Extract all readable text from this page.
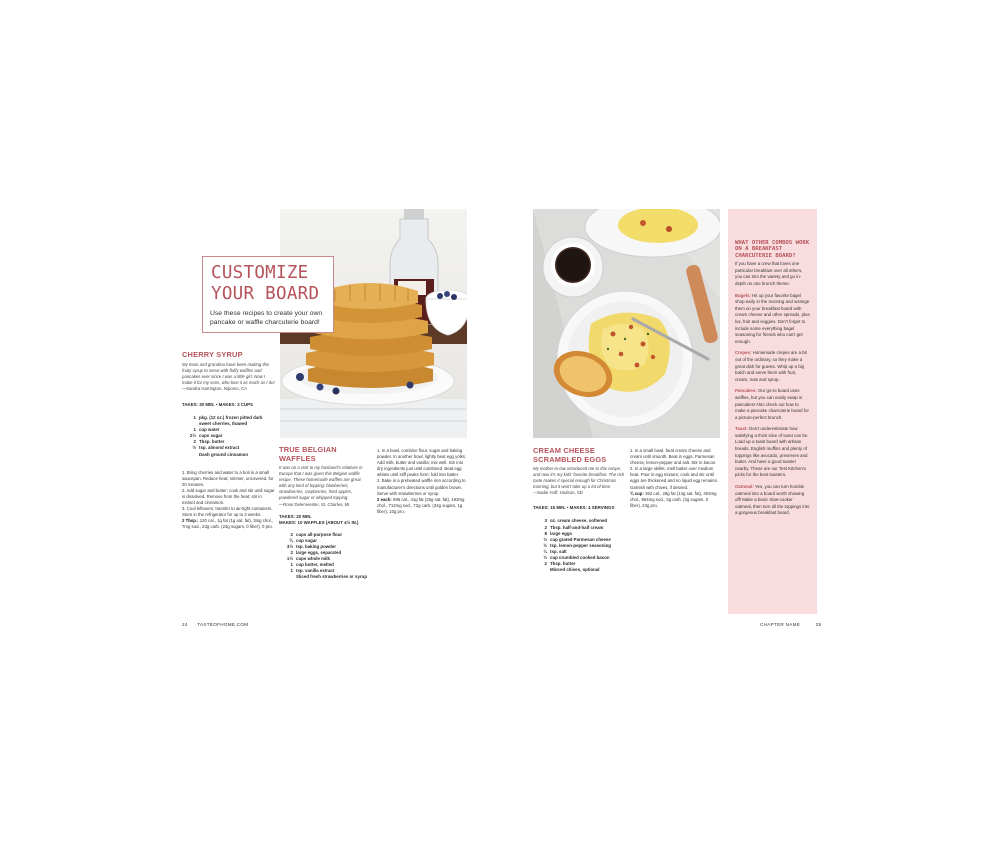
CUSTOMIZE
YOUR BOARD
Use these recipes to create your own pancake or waffle charcuterie board!
CHERRY SYRUP
My mom and grandma have been making this fruity syrup to serve with fluffy waffles and pancakes ever since I was a little girl. Now I make it for my sons, who love it as much as I do!
—Sandra Harrington, Nipomo, CA
TAKES: 30 MIN. • MAKES: 3 CUPS
1 pkg. (12 oz.) frozen pitted dark sweet cherries, thawed
1 cup water
2½ cups sugar
2 Tbsp. butter
½ tsp. almond extract
Dash ground cinnamon
1. Bring cherries and water to a boil in a small saucepan. Reduce heat; simmer, uncovered, for 20 minutes.
2. Add sugar and butter; cook and stir until sugar is dissolved. Remove from the heat; stir in extract and cinnamon.
3. Cool leftovers; transfer to air-tight containers. Store in the refrigerator for up to 2 weeks.
2 Tbsp.: 120 cal., 1g fat (1g sat. fat), 3mg chol., 7mg sod., 23g carb. (23g sugars, 0 fiber), 0 pro.
TRUE BELGIAN WAFFLES
It was on a visit to my husband's relatives in Europe that I was given this Belgian waffle recipe. These homemade waffles are great with any kind of topping: blueberries, strawberries, raspberries, fried apples, powdered sugar or whipped topping.
—Rose Delemeester, St. Charles, MI
TAKES: 20 MIN.
MAKES: 10 WAFFLES (ABOUT 4½ IN.)
2 cups all-purpose flour
¾ cup sugar
3½ tsp. baking powder
2 large eggs, separated
1½ cups whole milk
1 cup butter, melted
1 tsp. vanilla extract
Sliced fresh strawberries or syrup
1. In a bowl, combine flour, sugar and baking powder. In another bowl, lightly beat egg yolks. Add milk, butter and vanilla; mix well. Stir into dry ingredients just until combined. Beat egg whites until stiff peaks form; fold into batter.
2. Bake in a preheated waffle iron according to manufacturer's directions until golden brown. Serve with strawberries or syrup.
2 each: 696 cal., 41g fat (25g sat. fat), 193mg chol., 712mg sod., 72g carb. (34g sugars, 1g fiber), 10g pro.
24 TASTEOFHOME.COM
CREAM CHEESE
SCRAMBLED EGGS
My mother-in-law introduced me to this recipe, and now it's my kids' favorite breakfast. The rich taste makes it special enough for Christmas morning, but it won't take up a lot of time.
—Sadie Hoff, Hudson, SD
TAKES: 15 MIN. • MAKES: 4 SERVINGS
3 oz. cream cheese, softened
2 Tbsp. half-and-half cream
8 large eggs
½ cup grated Parmesan cheese
½ tsp. lemon-pepper seasoning
¼ tsp. salt
½ cup crumbled cooked bacon
2 Tbsp. butter
Minced chives, optional
1. In a small bowl, beat cream cheese and cream until smooth. Beat in eggs, Parmesan cheese, lemon-pepper and salt. Stir in bacon.
2. In a large skillet, melt butter over medium heat. Pour in egg mixture; cook and stir until eggs are thickened and no liquid egg remains. Garnish with chives, if desired.
¾ cup: 362 cal., 28g fat (14g sat. fat), 403mg chol., 954mg sod., 3g carb. (2g sugars, 0 fiber), 23g pro.
WHAT OTHER COMBOS WORK ON A BREAKFAST CHARCUTERIE BOARD?
If you have a crew that loves one particular breakfast over all others, you can trim the variety and go in-depth on one brunch theme.
Bagels: Hit up your favorite bagel shop early in the morning and arrange them on your breakfast board with cream cheese and other spreads, plus lox, fruit and veggies. Don't forget to include some everything bagel seasoning for friends who can't get enough.
Crepes: Homemade crepes are a bit out of the ordinary, so they make a great dish for guests. Whip up a big batch and serve them with fruit, cream, nuts and syrup.
Pancakes: Our go-to board uses waffles, but you can easily swap in pancakes! Also check out how to make a pancake charcuterie board for a picture-perfect brunch.
Toast: Don't underestimate how satisfying a thick slice of toast can be. Load up a toast board with artisan breads, English muffins and plenty of toppings like avocado, preserves and butter. And have a good toaster nearby. These are our Test Kitchen's picks for the best toasters.
Oatmeal: Yes, you can turn humble oatmeal into a board worth showing off! Make a basic slow-cooker oatmeal, then turn all the toppings into a gorgeous breakfast board.
CHAPTER NAME	25
